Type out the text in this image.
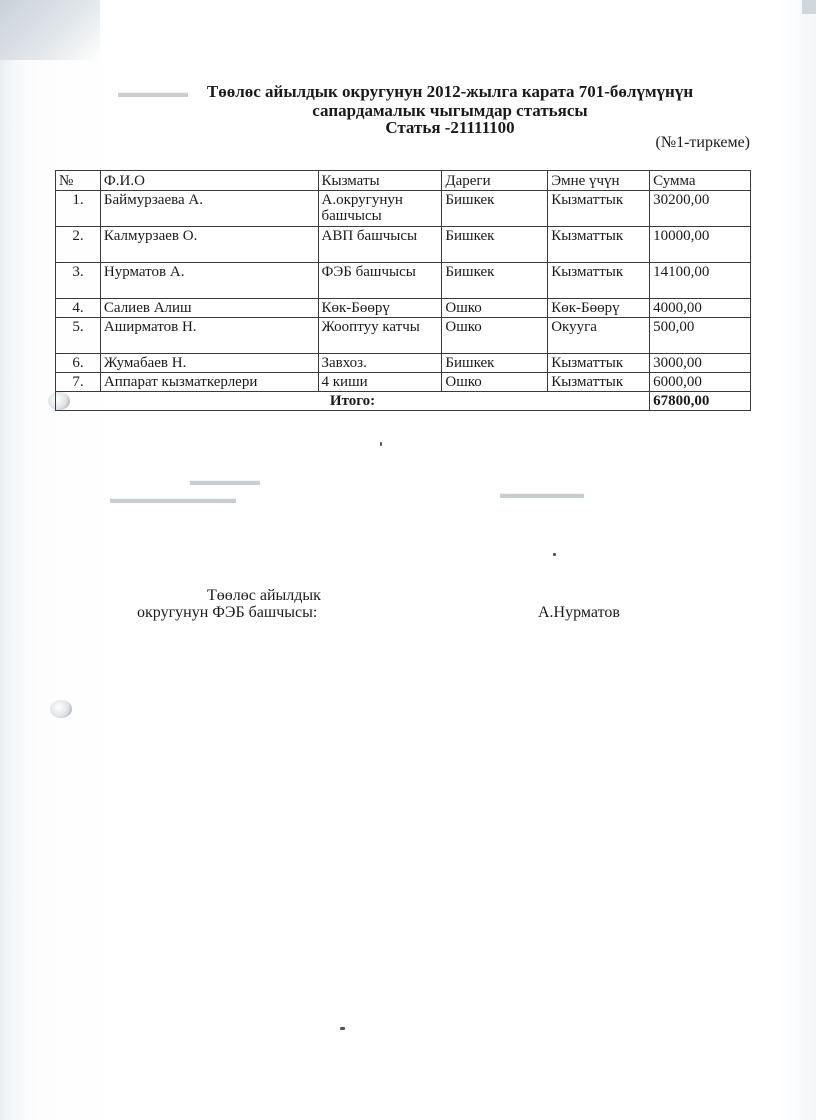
▬▬▬▬▬
▬▬▬▬▬
▬▬▬▬▬▬▬▬▬	▬▬▬▬▬▬
Төөлөс айылдык округунун 2012-жылга карата 701-бөлүмүнүн
сапардамалык чыгымдар статьясы
Статья -21111100
(№1-тиркеме)
№	Ф.И.О	Кызматы	Дареги	Эмне үчүн	Сумма
1.	Баймурзаева А.	А.округунун башчысы	Бишкек	Кызматтык	30200,00
2.	Калмурзаев О.	АВП башчысы	Бишкек	Кызматтык	10000,00
3.	Нурматов А.	ФЭБ башчысы	Бишкек	Кызматтык	14100,00
4.	Салиев Алиш	Көк-Бөөрү	Ошко	Көк-Бөөрү	4000,00
5.	Аширматов Н.	Жооптуу катчы	Ошко	Окууга	500,00
6.	Жумабаев Н.	Завхоз.	Бишкек	Кызматтык	3000,00
7.	Аппарат кызматкерлери	4 киши	Ошко	Кызматтык	6000,00
Итого:					67800,00
Төөлөс айылдык
округунун ФЭБ башчысы:	А.Нурматов
